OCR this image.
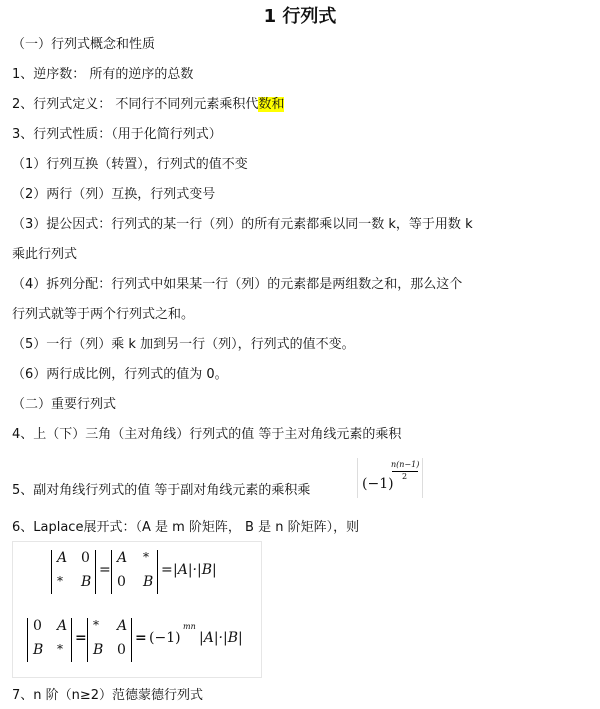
1 行列式
（一）行列式概念和性质
1、逆序数： 所有的逆序的总数
2、行列式定义： 不同行不同列元素乘积代数和
3、行列式性质：（用于化简行列式）
（1）行列互换（转置），行列式的值不变
（2）两行（列）互换，行列式变号
（3）提公因式：行列式的某一行（列）的所有元素都乘以同一数 k，等于用数 k
乘此行列式
（4）拆列分配：行列式中如果某一行（列）的元素都是两组数之和，那么这个
行列式就等于两个行列式之和。
（5）一行（列）乘 k 加到另一行（列），行列式的值不变。
（6）两行成比例，行列式的值为 0。
（二）重要行列式
4、上（下）三角（主对角线）行列式的值 等于主对角线元素的乘积
5、副对角线行列式的值 等于副对角线元素的乘积乘	(−1)
n(n−1)
2
6、Laplace展开式：（A 是 m 阶矩阵， B 是 n 阶矩阵），则
A 0
* B
=
A *
0 B
= |A|·|B|
0 A
B *
=
* A
B 0
= (−1)
mn
|A|·|B|
7、n 阶（n≥2）范德蒙德行列式
